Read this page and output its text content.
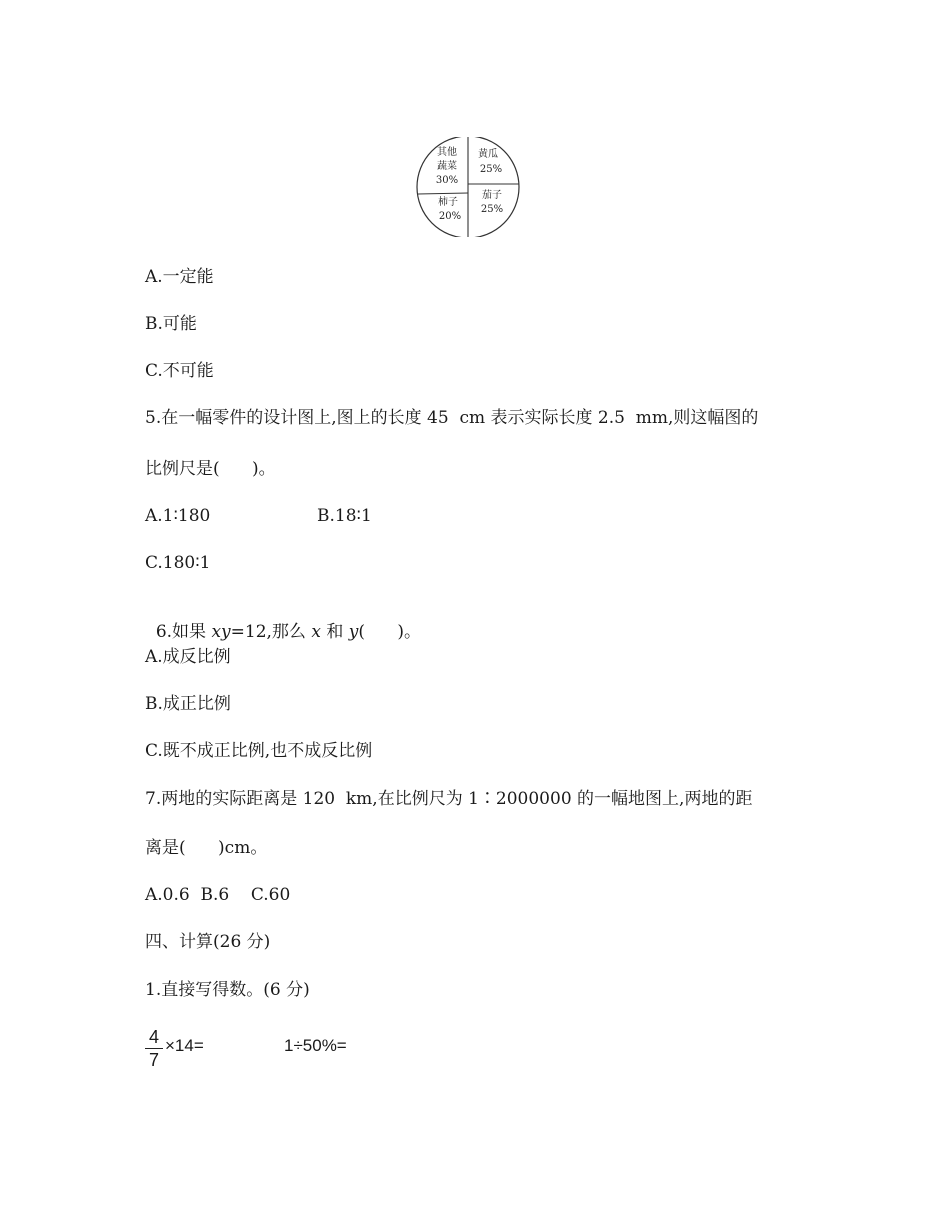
其他
蔬菜
30%
黄瓜
25%
茄子
25%
柿子
20%
A.一定能
B.可能
C.不可能
5.在一幅零件的设计图上,图上的长度 45  cm 表示实际长度 2.5  mm,则这幅图的
比例尺是(      )。
A.1∶180	B.18∶1
C.180∶1

6.如果 xy=12,那么 x 和 y(      )。

A.成反比例
B.成正比例
C.既不成正比例,也不成反比例
7.两地的实际距离是 120  km,在比例尺为 1∶2000000 的一幅地图上,两地的距
离是(      )cm。
A.0.6  B.6    C.60
四、计算(26 分)
1.直接写得数。(6 分)
4
7
×14=	1÷50%=
